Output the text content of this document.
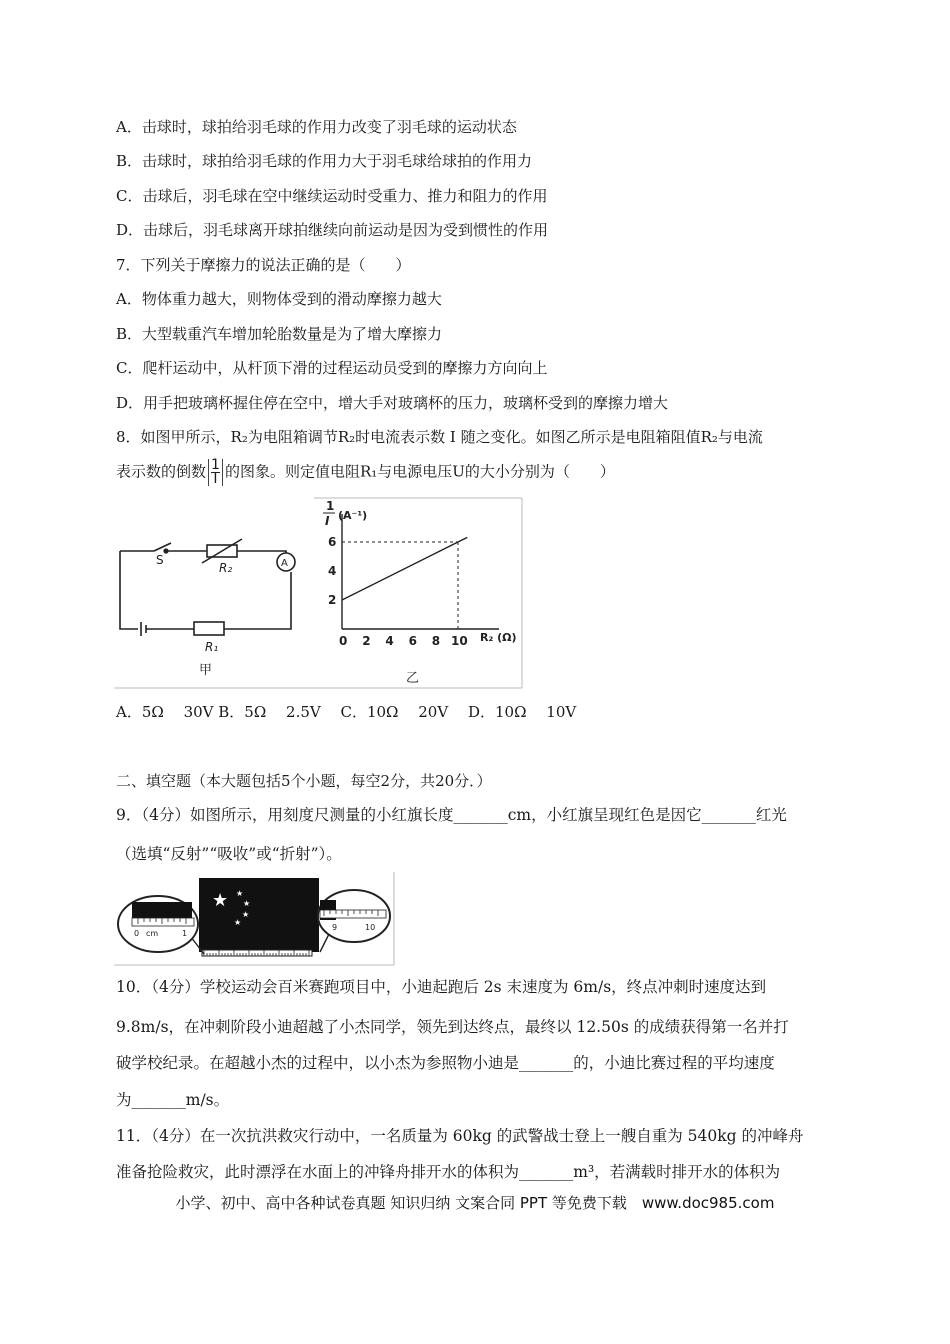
A．击球时，球拍给羽毛球的作用力改变了羽毛球的运动状态
B．击球时，球拍给羽毛球的作用力大于羽毛球给球拍的作用力
C．击球后，羽毛球在空中继续运动时受重力、推力和阻力的作用
D．击球后，羽毛球离开球拍继续向前运动是因为受到惯性的作用
7．下列关于摩擦力的说法正确的是（　　）
A．物体重力越大，则物体受到的滑动摩擦力越大
B．大型载重汽车增加轮胎数量是为了增大摩擦力
C．爬杆运动中，从杆顶下滑的过程运动员受到的摩擦力方向向上
D．用手把玻璃杯握住停在空中，增大手对玻璃杯的压力，玻璃杯受到的摩擦力增大
8．如图甲所示，R₂为电阻箱调节R₂时电流表示数 I 随之变化。如图乙所示是电阻箱阻值R₂与电流
表示数的倒数 $\frac{1}{I}$ 的图象。则定值电阻R₁与电源电压U的大小分别为（　　）
S
R₂	A
R₁
甲
0 2 4 6 8 10
2
4
6
1
I (A⁻¹)
R₂ (Ω)
乙
A．5Ω　 30V B．5Ω　 2.5V　 C．10Ω　 20V　 D．10Ω　 10V
二、填空题（本大题包括5个小题，每空2分，共20分．）
9．（4分）如图所示，用刻度尺测量的小红旗长度_______cm，小红旗呈现红色是因它_______红光
（选填“反射”“吸收”或“折射”）。
★ ★
★
★
★
0 cm	1
9	10
10．（4分）学校运动会百米赛跑项目中，小迪起跑后 2s 末速度为 6m/s，终点冲刺时速度达到
9.8m/s，在冲刺阶段小迪超越了小杰同学，领先到达终点，最终以 12.50s 的成绩获得第一名并打
破学校纪录。在超越小杰的过程中，以小杰为参照物小迪是_______的，小迪比赛过程的平均速度
为_______m/s。
11．（4分）在一次抗洪救灾行动中，一名质量为 60kg 的武警战士登上一艘自重为 540kg 的冲峰舟
准备抢险救灾，此时漂浮在水面上的冲锋舟排开水的体积为_______m³，若满载时排开水的体积为
小学、初中、高中各种试卷真题 知识归纳 文案合同 PPT 等免费下载　www.doc985.com
